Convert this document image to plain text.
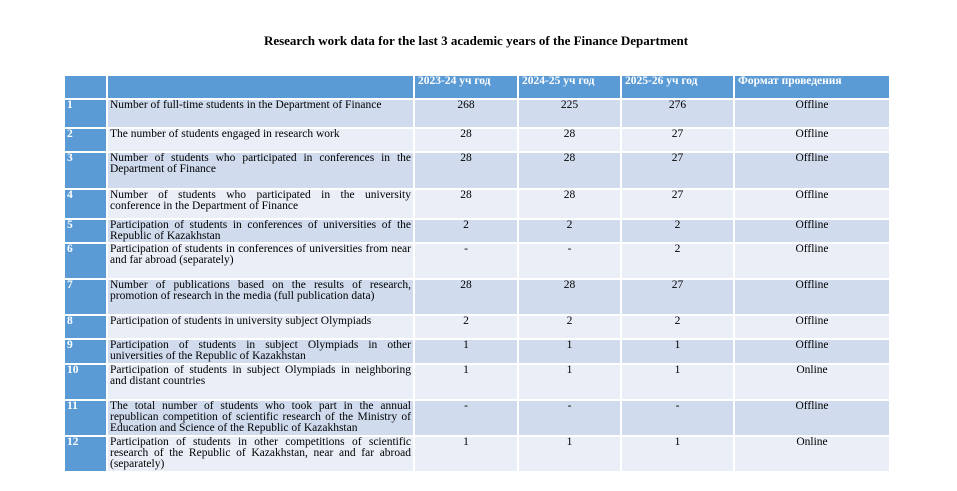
Research work data for the last 3 academic years of the Finance Department
		2023-24 уч год	2024-25 уч год	2025-26 уч год	Формат проведения
1	Number of full-time students in the Department of Finance	268	225	276	Offline
2	The number of students engaged in research work	28	28	27	Offline
3	Number of students who participated in conferences in the Department of Finance	28	28	27	Offline
4	Number of students who participated in the university conference in the Department of Finance	28	28	27	Offline
5	Participation of students in conferences of universities of the Republic of Kazakhstan	2	2	2	Offline
6	Participation of students in conferences of universities from near and far abroad (separately)	-	-	2	Offline
7	Number of publications based on the results of research, promotion of research in the media (full publication data)	28	28	27	Offline
8	Participation of students in university subject Olympiads	2	2	2	Offline
9	Participation of students in subject Olympiads in other universities of the Republic of Kazakhstan	1	1	1	Offline
10	Participation of students in subject Olympiads in neighboring and distant countries	1	1	1	Online
11	The total number of students who took part in the annual republican competition of scientific research of the Ministry of Education and Science of the Republic of Kazakhstan	-	-	-	Offline
12	Participation of students in other competitions of scientific research of the Republic of Kazakhstan, near and far abroad (separately)	1	1	1	Online
